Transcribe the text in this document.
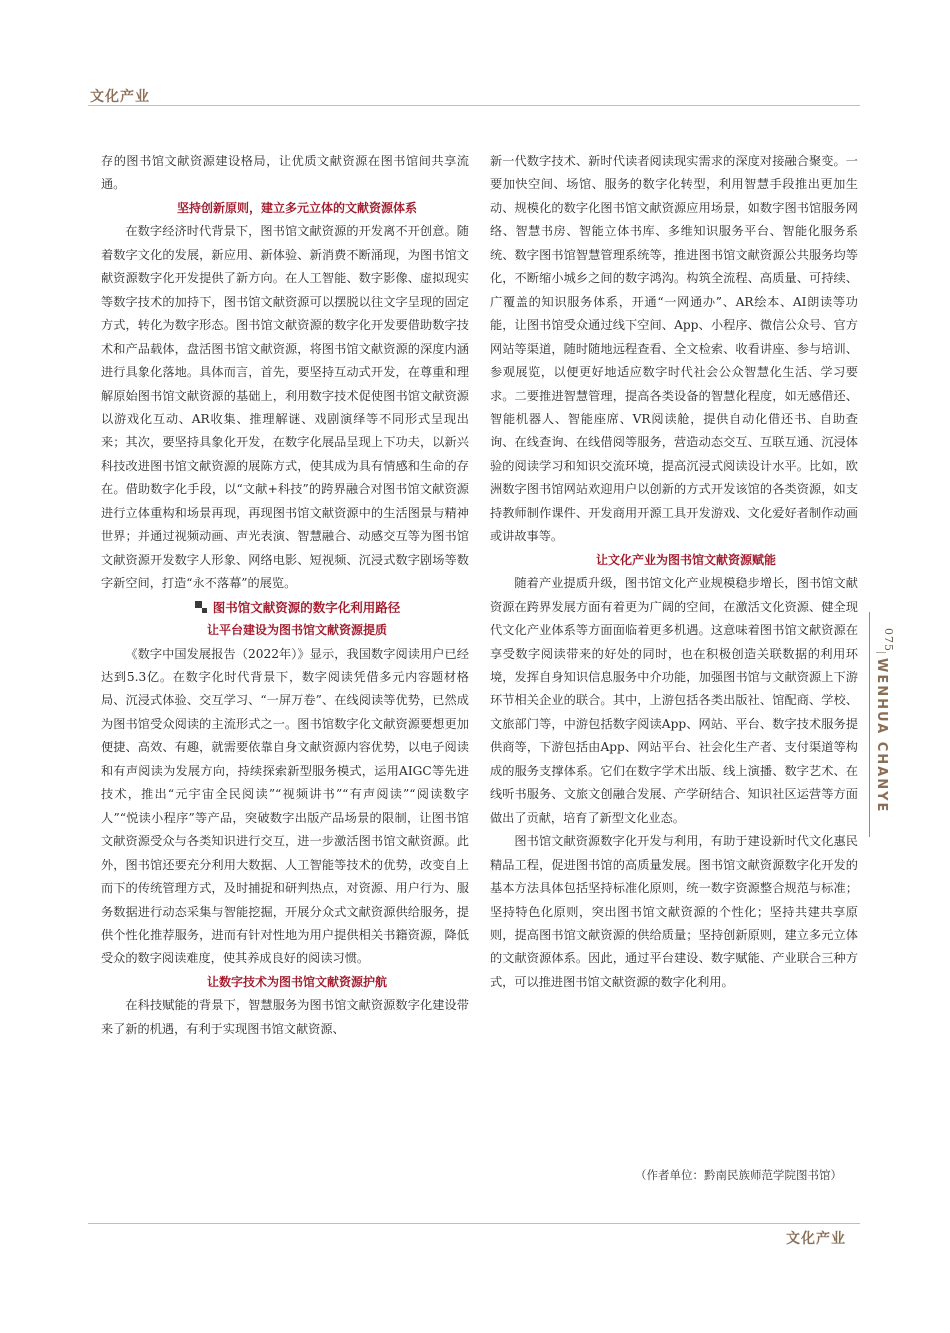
文化产业

存的图书馆文献资源建设格局，让优质文献资源在图书馆间共享流通。

坚持创新原则，建立多元立体的文献资源体系

在数字经济时代背景下，图书馆文献资源的开发离不开创意。随着数字文化的发展，新应用、新体验、新消费不断涌现，为图书馆文献资源数字化开发提供了新方向。在人工智能、数字影像、虚拟现实等数字技术的加持下，图书馆文献资源可以摆脱以往文字呈现的固定方式，转化为数字形态。图书馆文献资源的数字化开发要借助数字技术和产品载体，盘活图书馆文献资源，将图书馆文献资源的深度内涵进行具象化落地。具体而言，首先，要坚持互动式开发，在尊重和理解原始图书馆文献资源的基础上，利用数字技术促使图书馆文献资源以游戏化互动、AR收集、推理解谜、戏剧演绎等不同形式呈现出来；其次，要坚持具象化开发，在数字化展品呈现上下功夫，以新兴科技改进图书馆文献资源的展陈方式，使其成为具有情感和生命的存在。借助数字化手段，以“文献+科技”的跨界融合对图书馆文献资源进行立体重构和场景再现，再现图书馆文献资源中的生活图景与精神世界；并通过视频动画、声光表演、智慧融合、动感交互等为图书馆文献资源开发数字人形象、网络电影、短视频、沉浸式数字剧场等数字新空间，打造“永不落幕”的展览。

图书馆文献资源的数字化利用路径

让平台建设为图书馆文献资源提质

《数字中国发展报告（2022年）》显示，我国数字阅读用户已经达到5.3亿。在数字化时代背景下，数字阅读凭借多元内容题材格局、沉浸式体验、交互学习、“一屏万卷”、在线阅读等优势，已然成为图书馆受众阅读的主流形式之一。图书馆数字化文献资源要想更加便捷、高效、有趣，就需要依靠自身文献资源内容优势，以电子阅读和有声阅读为发展方向，持续探索新型服务模式，运用AIGC等先进技术，推出“元宇宙全民阅读”“视频讲书”“有声阅读”“阅读数字人”“悦读小程序”等产品，突破数字出版产品场景的限制，让图书馆文献资源受众与各类知识进行交互，进一步激活图书馆文献资源。此外，图书馆还要充分利用大数据、人工智能等技术的优势，改变自上而下的传统管理方式，及时捕捉和研判热点，对资源、用户行为、服务数据进行动态采集与智能挖掘，开展分众式文献资源供给服务，提供个性化推荐服务，进而有针对性地为用户提供相关书籍资源，降低受众的数字阅读难度，使其养成良好的阅读习惯。

让数字技术为图书馆文献资源护航

在科技赋能的背景下，智慧服务为图书馆文献资源数字化建设带来了新的机遇，有利于实现图书馆文献资源、

新一代数字技术、新时代读者阅读现实需求的深度对接融合聚变。一要加快空间、场馆、服务的数字化转型，利用智慧手段推出更加生动、规模化的数字化图书馆文献资源应用场景，如数字图书馆服务网络、智慧书房、智能立体书库、多维知识服务平台、智能化服务系统、数字图书馆智慧管理系统等，推进图书馆文献资源公共服务均等化，不断缩小城乡之间的数字鸿沟。构筑全流程、高质量、可持续、广覆盖的知识服务体系，开通“一网通办”、AR绘本、AI朗读等功能，让图书馆受众通过线下空间、App、小程序、微信公众号、官方网站等渠道，随时随地远程查看、全文检索、收看讲座、参与培训、参观展览，以便更好地适应数字时代社会公众智慧化生活、学习要求。二要推进智慧管理，提高各类设备的智慧化程度，如无感借还、智能机器人、智能座席、VR阅读舱，提供自动化借还书、自助查询、在线查询、在线借阅等服务，营造动态交互、互联互通、沉浸体验的阅读学习和知识交流环境，提高沉浸式阅读设计水平。比如，欧洲数字图书馆网站欢迎用户以创新的方式开发该馆的各类资源，如支持教师制作课件、开发商用开源工具开发游戏、文化爱好者制作动画或讲故事等。

让文化产业为图书馆文献资源赋能

随着产业提质升级，图书馆文化产业规模稳步增长，图书馆文献资源在跨界发展方面有着更为广阔的空间，在激活文化资源、健全现代文化产业体系等方面面临着更多机遇。这意味着图书馆文献资源在享受数字阅读带来的好处的同时，也在积极创造关联数据的利用环境，发挥自身知识信息服务中介功能，加强图书馆与文献资源上下游环节相关企业的联合。其中，上游包括各类出版社、馆配商、学校、文旅部门等，中游包括数字阅读App、网站、平台、数字技术服务提供商等，下游包括由App、网站平台、社会化生产者、支付渠道等构成的服务支撑体系。它们在数字学术出版、线上演播、数字艺术、在线听书服务、文旅文创融合发展、产学研结合、知识社区运营等方面做出了贡献，培育了新型文化业态。

图书馆文献资源数字化开发与利用，有助于建设新时代文化惠民精品工程，促进图书馆的高质量发展。图书馆文献资源数字化开发的基本方法具体包括坚持标准化原则，统一数字资源整合规范与标准；坚持特色化原则，突出图书馆文献资源的个性化；坚持共建共享原则，提高图书馆文献资源的供给质量；坚持创新原则，建立多元立体的文献资源体系。因此，通过平台建设、数字赋能、产业联合三种方式，可以推进图书馆文献资源的数字化利用。

（作者单位：黔南民族师范学院图书馆）
075
WENHUA CHANYE
文化产业
